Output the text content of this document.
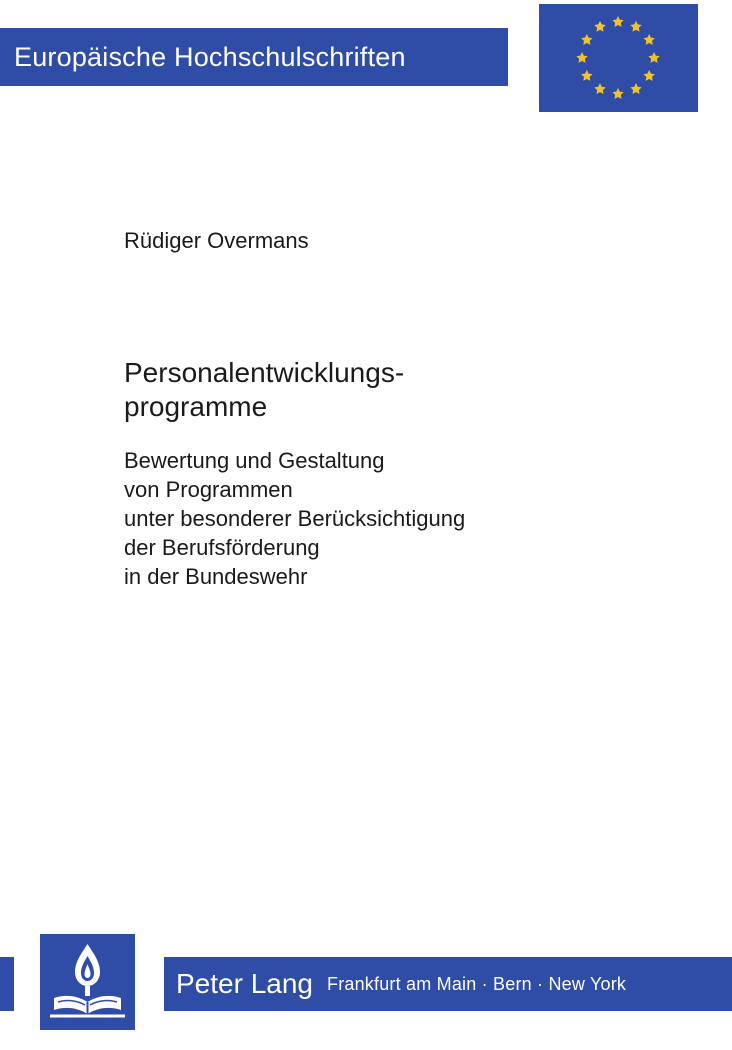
Europäische Hochschulschriften
Rüdiger Overmans
Personalentwicklungs-
programme
Bewertung und Gestaltung
von Programmen
unter besonderer Berücksichtigung
der Berufsförderung
in der Bundeswehr
Peter Lang Frankfurt am Main · Bern · New York
